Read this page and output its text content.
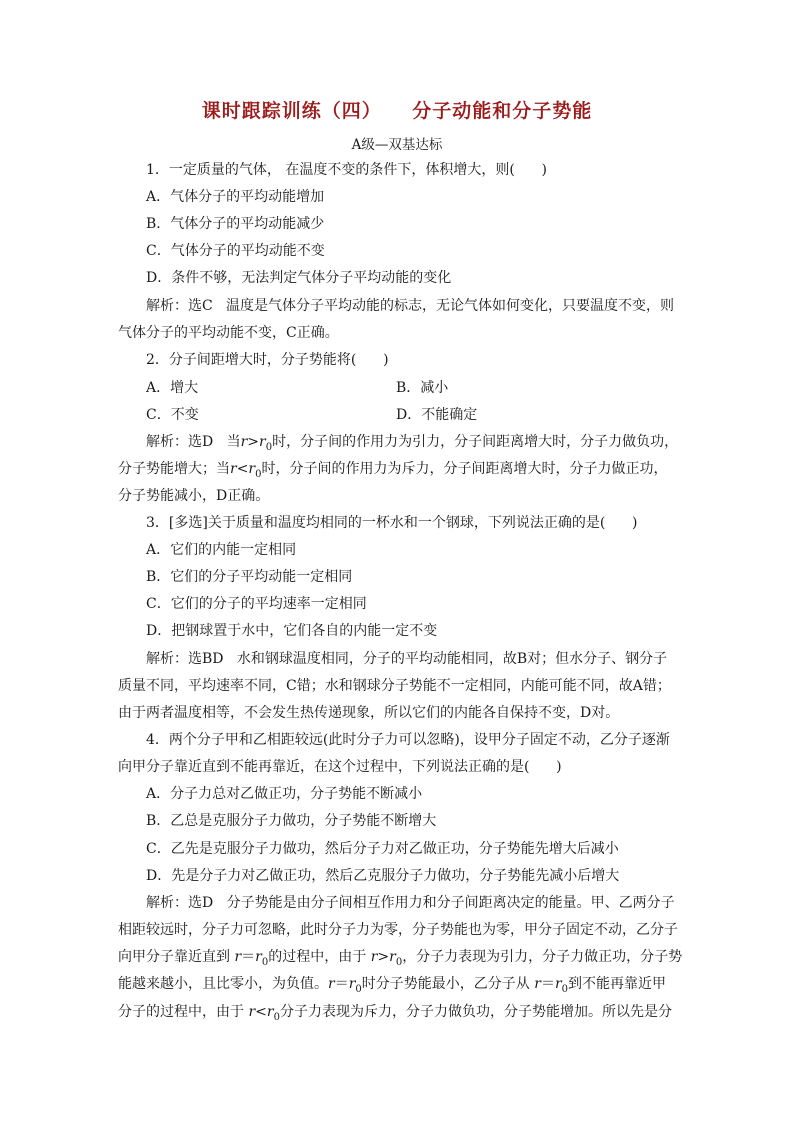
课时跟踪训练（四）    分子动能和分子势能
A级—双基达标
1．一定质量的气体， 在温度不变的条件下，体积增大，则(      )
A．气体分子的平均动能增加
B．气体分子的平均动能减少
C．气体分子的平均动能不变
D．条件不够，无法判定气体分子平均动能的变化
解析：选C   温度是气体分子平均动能的标志，无论气体如何变化，只要温度不变，则
气体分子的平均动能不变，C正确。
2．分子间距增大时，分子势能将(      )
A．增大	B．减小
C．不变	D．不能确定
解析：选D   当$r>r_0$时，分子间的作用力为引力，分子间距离增大时，分子力做负功，
分子势能增大；当$r<r_0$时，分子间的作用力为斥力，分子间距离增大时，分子力做正功，
分子势能减小，D正确。
3．[多选]关于质量和温度均相同的一杯水和一个钢球，下列说法正确的是(      )
A．它们的内能一定相同
B．它们的分子平均动能一定相同
C．它们的分子的平均速率一定相同
D．把钢球置于水中，它们各自的内能一定不变
解析：选BD   水和钢球温度相同，分子的平均动能相同，故B对；但水分子、钢分子
质量不同，平均速率不同，C错；水和钢球分子势能不一定相同，内能可能不同，故A错；
由于两者温度相等，不会发生热传递现象，所以它们的内能各自保持不变，D对。
4．两个分子甲和乙相距较远(此时分子力可以忽略)，设甲分子固定不动，乙分子逐渐
向甲分子靠近直到不能再靠近，在这个过程中，下列说法正确的是(      )
A．分子力总对乙做正功，分子势能不断减小
B．乙总是克服分子力做功，分子势能不断增大
C．乙先是克服分子力做功，然后分子力对乙做正功，分子势能先增大后减小
D．先是分子力对乙做正功，然后乙克服分子力做功，分子势能先减小后增大
解析：选D   分子势能是由分子间相互作用力和分子间距离决定的能量。甲、乙两分子
相距较远时，分子力可忽略，此时分子力为零，分子势能也为零，甲分子固定不动，乙分子
向甲分子靠近直到 $r=r_0$的过程中，由于 $r>r_0$，分子力表现为引力，分子力做正功，分子势
能越来越小，且比零小，为负值。$r=r_0$时分子势能最小，乙分子从 $r=r_0$到不能再靠近甲
分子的过程中，由于 $r<r_0$分子力表现为斥力，分子力做负功，分子势能增加。所以先是分
